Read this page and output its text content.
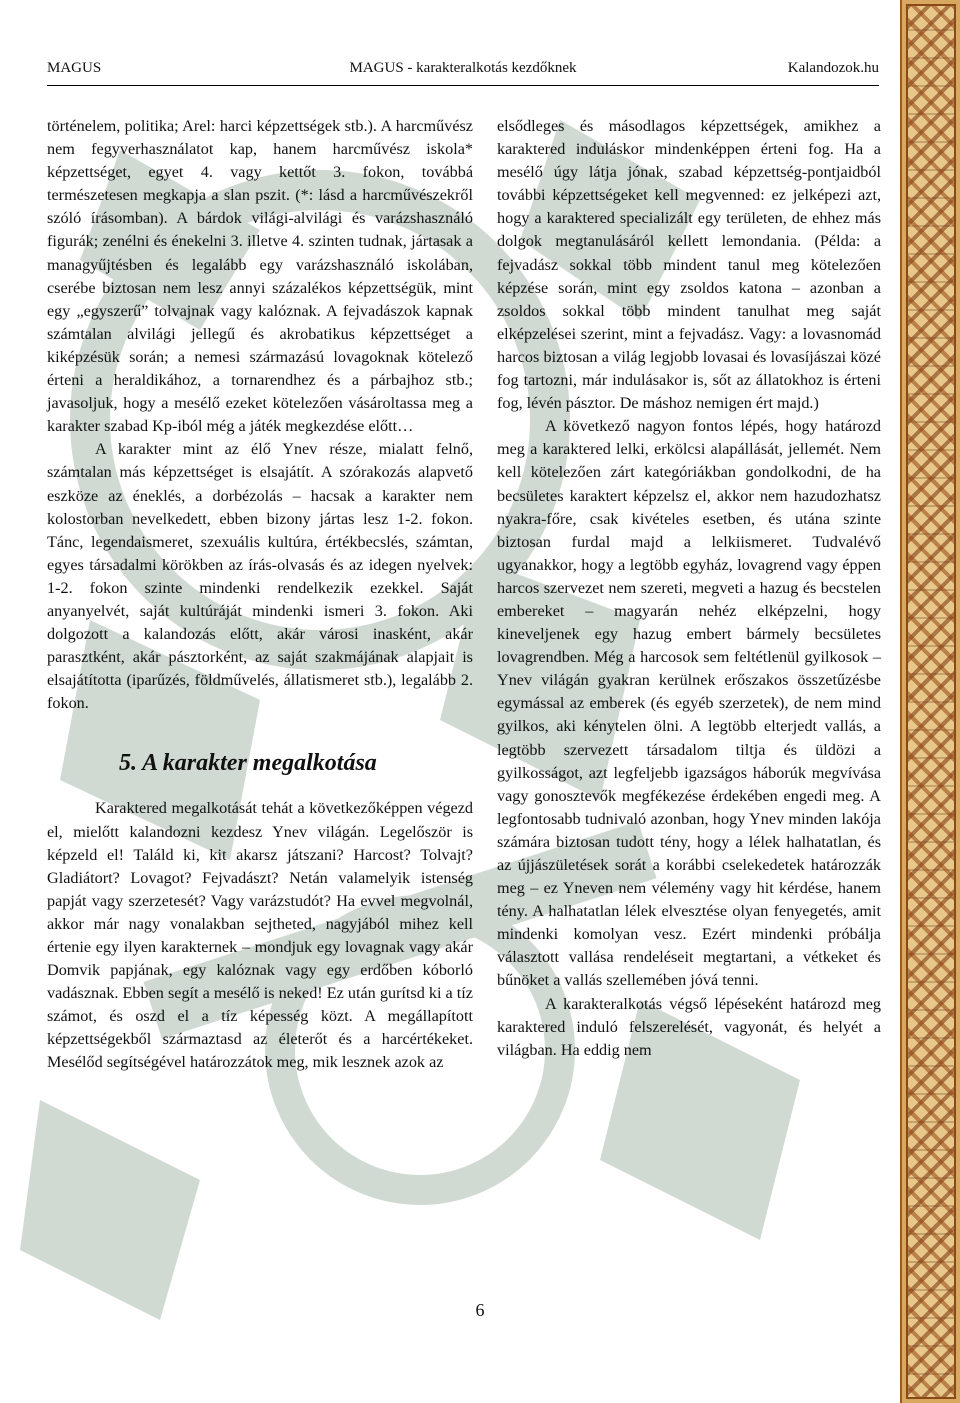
MAGUS	MAGUS - karakteralkotás kezdőknek	Kalandozok.hu

történelem, politika; Arel: harci képzettségek stb.). A harcművész nem fegyverhasználatot kap, hanem harcművész iskola* képzettséget, egyet 4. vagy kettőt 3. fokon, továbbá természetesen megkapja a slan pszit. (*: lásd a harcművészekről szóló írásomban). A bárdok világi-alvilági és varázshasználó figurák; zenélni és énekelni 3. illetve 4. szinten tudnak, jártasak a managyűjtésben és legalább egy varázshasználó iskolában, cserébe biztosan nem lesz annyi százalékos képzettségük, mint egy „egyszerű” tolvajnak vagy kalóznak. A fejvadászok kapnak számtalan alvilági jellegű és akrobatikus képzettséget a kiképzésük során; a nemesi származású lovagoknak kötelező érteni a heraldikához, a tornarendhez és a párbajhoz stb.; javasoljuk, hogy a mesélő ezeket kötelezően vásároltassa meg a karakter szabad Kp-iból még a játék megkezdése előtt…

A karakter mint az élő Ynev része, mialatt felnő, számtalan más képzettséget is elsajátít. A szórakozás alapvető eszköze az éneklés, a dorbézolás – hacsak a karakter nem kolostorban nevelkedett, ebben bizony jártas lesz 1-2. fokon. Tánc, legendaismeret, szexuális kultúra, értékbecslés, számtan, egyes társadalmi körökben az írás-olvasás és az idegen nyelvek: 1-2. fokon szinte mindenki rendelkezik ezekkel. Saját anyanyelvét, saját kultúráját mindenki ismeri 3. fokon. Aki dolgozott a kalandozás előtt, akár városi inasként, akár parasztként, akár pásztorként, az saját szakmájának alapjait is elsajátította (iparűzés, földművelés, állatismeret stb.), legalább 2. fokon.

5. A karakter megalkotása

Karaktered megalkotását tehát a következőképpen végezd el, mielőtt kalandozni kezdesz Ynev világán. Legelőször is képzeld el! Találd ki, kit akarsz játszani? Harcost? Tolvajt? Gladiátort? Lovagot? Fejvadászt? Netán valamelyik istenség papját vagy szerzetesét? Vagy varázstudót? Ha evvel megvolnál, akkor már nagy vonalakban sejtheted, nagyjából mihez kell értenie egy ilyen karakternek – mondjuk egy lovagnak vagy akár Domvik papjának, egy kalóznak vagy egy erdőben kóborló vadásznak. Ebben segít a mesélő is neked! Ez után gurítsd ki a tíz számot, és oszd el a tíz képesség közt. A megállapított képzettségekből származtasd az életerőt és a harcértékeket. Mesélőd segítségével határozzátok meg, mik lesznek azok az

elsődleges és másodlagos képzettségek, amikhez a karaktered induláskor mindenképpen érteni fog. Ha a mesélő úgy látja jónak, szabad képzettség-pontjaidból további képzettségeket kell megvenned: ez jelképezi azt, hogy a karaktered specializált egy területen, de ehhez más dolgok megtanulásáról kellett lemondania. (Példa: a fejvadász sokkal több mindent tanul meg kötelezően képzése során, mint egy zsoldos katona – azonban a zsoldos sokkal több mindent tanulhat meg saját elképzelései szerint, mint a fejvadász. Vagy: a lovasnomád harcos biztosan a világ legjobb lovasai és lovasíjászai közé fog tartozni, már indulásakor is, sőt az állatokhoz is érteni fog, lévén pásztor. De máshoz nemigen ért majd.)

A következő nagyon fontos lépés, hogy határozd meg a karaktered lelki, erkölcsi alapállását, jellemét. Nem kell kötelezően zárt kategóriákban gondolkodni, de ha becsületes karaktert képzelsz el, akkor nem hazudozhatsz nyakra-főre, csak kivételes esetben, és utána szinte biztosan furdal majd a lelkiismeret. Tudvalévő ugyanakkor, hogy a legtöbb egyház, lovagrend vagy éppen harcos szervezet nem szereti, megveti a hazug és becstelen embereket – magyarán nehéz elképzelni, hogy kineveljenek egy hazug embert bármely becsületes lovagrendben. Még a harcosok sem feltétlenül gyilkosok – Ynev világán gyakran kerülnek erőszakos összetűzésbe egymással az emberek (és egyéb szerzetek), de nem mind gyilkos, aki kénytelen ölni. A legtöbb elterjedt vallás, a legtöbb szervezett társadalom tiltja és üldözi a gyilkosságot, azt legfeljebb igazságos háborúk megvívása vagy gonosztevők megfékezése érdekében engedi meg. A legfontosabb tudnivaló azonban, hogy Ynev minden lakója számára biztosan tudott tény, hogy a lélek halhatatlan, és az újjászületések sorát a korábbi cselekedetek határozzák meg – ez Yneven nem vélemény vagy hit kérdése, hanem tény. A halhatatlan lélek elvesztése olyan fenyegetés, amit mindenki komolyan vesz. Ezért mindenki próbálja választott vallása rendeléseit megtartani, a vétkeket és bűnöket a vallás szellemében jóvá tenni.

A karakteralkotás végső lépéseként határozd meg karaktered induló felszerelését, vagyonát, és helyét a világban. Ha eddig nem

6
